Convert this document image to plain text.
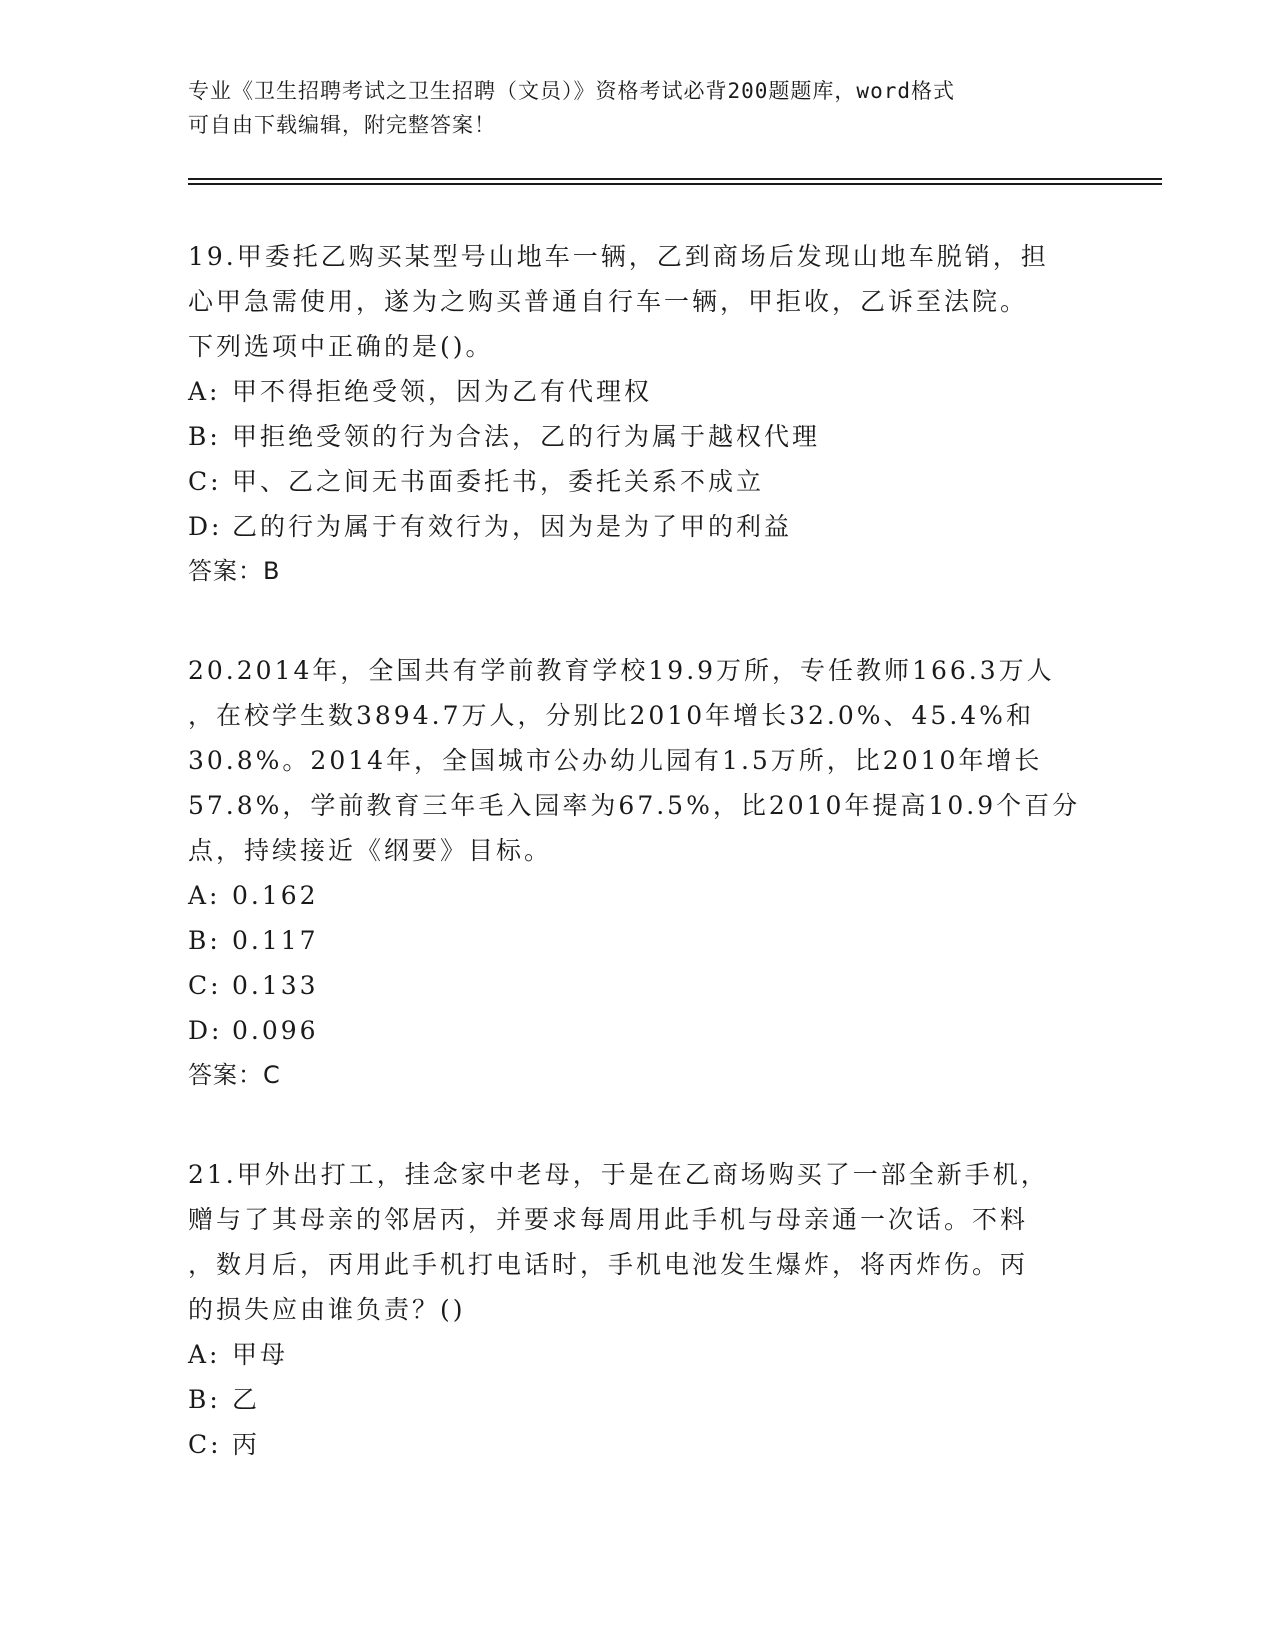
专业《卫生招聘考试之卫生招聘（文员）》资格考试必背200题题库，word格式
可自由下载编辑，附完整答案！

19.甲委托乙购买某型号山地车一辆，乙到商场后发现山地车脱销，担

心甲急需使用，遂为之购买普通自行车一辆，甲拒收，乙诉至法院。

下列选项中正确的是()。

A: 甲不得拒绝受领，因为乙有代理权

B: 甲拒绝受领的行为合法，乙的行为属于越权代理

C: 甲、乙之间无书面委托书，委托关系不成立

D: 乙的行为属于有效行为，因为是为了甲的利益

答案：B

20.2014年，全国共有学前教育学校19.9万所，专任教师166.3万人

，在校学生数3894.7万人，分别比2010年增长32.0%、45.4%和

30.8%。2014年，全国城市公办幼儿园有1.5万所，比2010年增长

57.8%，学前教育三年毛入园率为67.5%，比2010年提高10.9个百分

点，持续接近《纲要》目标。

A: 0.162

B: 0.117

C: 0.133

D: 0.096

答案：C

21.甲外出打工，挂念家中老母，于是在乙商场购买了一部全新手机，

赠与了其母亲的邻居丙，并要求每周用此手机与母亲通一次话。不料

，数月后，丙用此手机打电话时，手机电池发生爆炸，将丙炸伤。丙

的损失应由谁负责？()

A: 甲母

B: 乙

C: 丙
